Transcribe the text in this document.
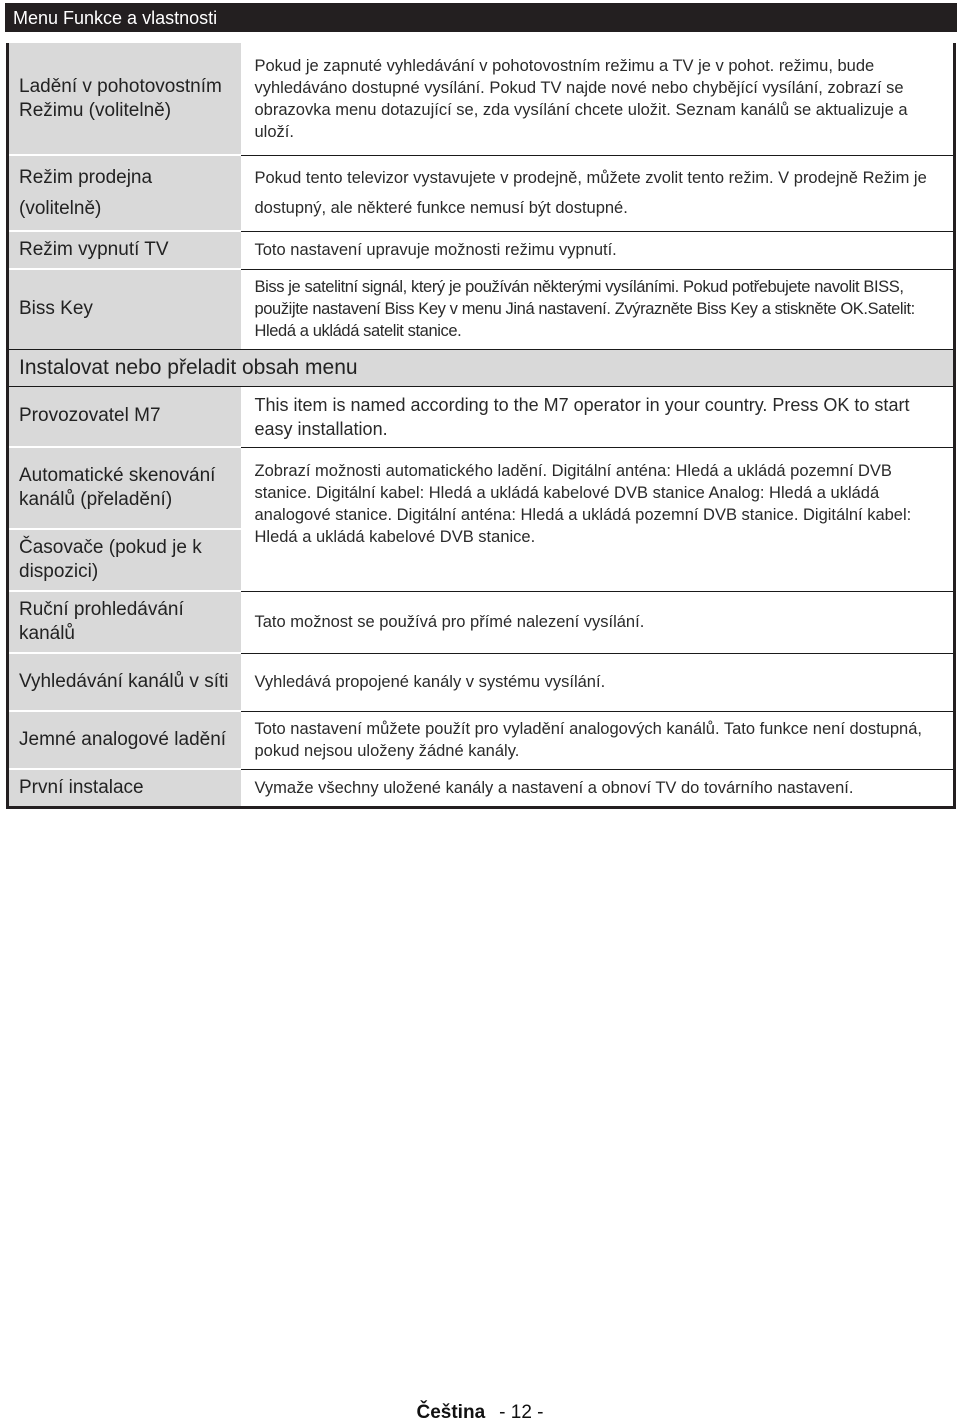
Menu Funkce a vlastnosti
Ladění v pohotovostním Režimu (volitelně)	Pokud je zapnuté vyhledávání v pohotovostním režimu a TV je v pohot. režimu, bude vyhledáváno dostupné vysílání. Pokud TV najde nové nebo chybějící vysílání, zobrazí se obrazovka menu dotazující se, zda vysílání chcete uložit. Seznam kanálů se aktualizuje a uloží.
Režim prodejna (volitelně)	Pokud tento televizor vystavujete v prodejně, můžete zvolit tento režim. V prodejně Režim je dostupný, ale některé funkce nemusí být dostupné.
Režim vypnutí TV	Toto nastavení upravuje možnosti režimu vypnutí.
Biss Key	Biss je satelitní signál, který je používán některými vysíláními. Pokud potřebujete navolit BISS, použijte nastavení Biss Key v menu Jiná nastavení. Zvýrazněte Biss Key a stiskněte OK.Satelit: Hledá a ukládá satelit stanice.
Instalovat nebo přeladit obsah menu	
Provozovatel M7	This item is named according to the M7 operator in your country. Press OK to start easy installation.
Automatické skenování kanálů (přeladění)	Zobrazí možnosti automatického ladění. Digitální anténa: Hledá a ukládá pozemní DVB stanice. Digitální kabel: Hledá a ukládá kabelové DVB stanice Analog: Hledá a ukládá analogové stanice. Digitální anténa: Hledá a ukládá pozemní DVB stanice. Digitální kabel: Hledá a ukládá kabelové DVB stanice.
Časovače (pokud je k dispozici)	
Ruční prohledávání kanálů	Tato možnost se používá pro přímé nalezení vysílání.
Vyhledávání kanálů v síti	Vyhledává propojené kanály v systému vysílání.
Jemné analogové ladění	Toto nastavení můžete použít pro vyladění analogových kanálů. Tato funkce není dostupná, pokud nejsou uloženy žádné kanály.
První instalace	Vymaže všechny uložené kanály a nastavení a obnoví TV do továrního nastavení.
Čeština - 12 -
